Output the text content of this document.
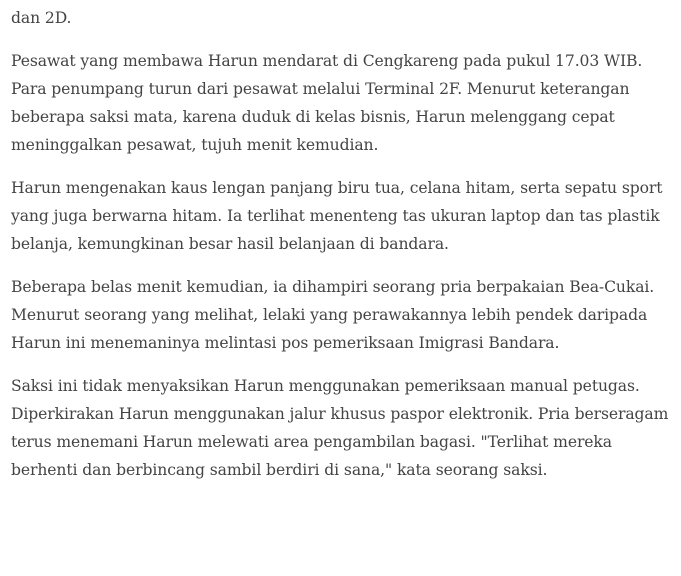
dan 2D.

Pesawat yang membawa Harun mendarat di Cengkareng pada pukul 17.03 WIB. Para penumpang turun dari pesawat melalui Terminal 2F. Menurut keterangan beberapa saksi mata, karena duduk di kelas bisnis, Harun melenggang cepat meninggalkan pesawat, tujuh menit kemudian.

Harun mengenakan kaus lengan panjang biru tua, celana hitam, serta sepatu sport yang juga berwarna hitam. Ia terlihat menenteng tas ukuran laptop dan tas plastik belanja, kemungkinan besar hasil belanjaan di bandara.

Beberapa belas menit kemudian, ia dihampiri seorang pria berpakaian Bea-Cukai. Menurut seorang yang melihat, lelaki yang perawakannya lebih pendek daripada Harun ini menemaninya melintasi pos pemeriksaan Imigrasi Bandara.

Saksi ini tidak menyaksikan Harun menggunakan pemeriksaan manual petugas. Diperkirakan Harun menggunakan jalur khusus paspor elektronik. Pria berseragam terus menemani Harun melewati area pengambilan bagasi. "Terlihat mereka berhenti dan berbincang sambil berdiri di sana," kata seorang saksi.
